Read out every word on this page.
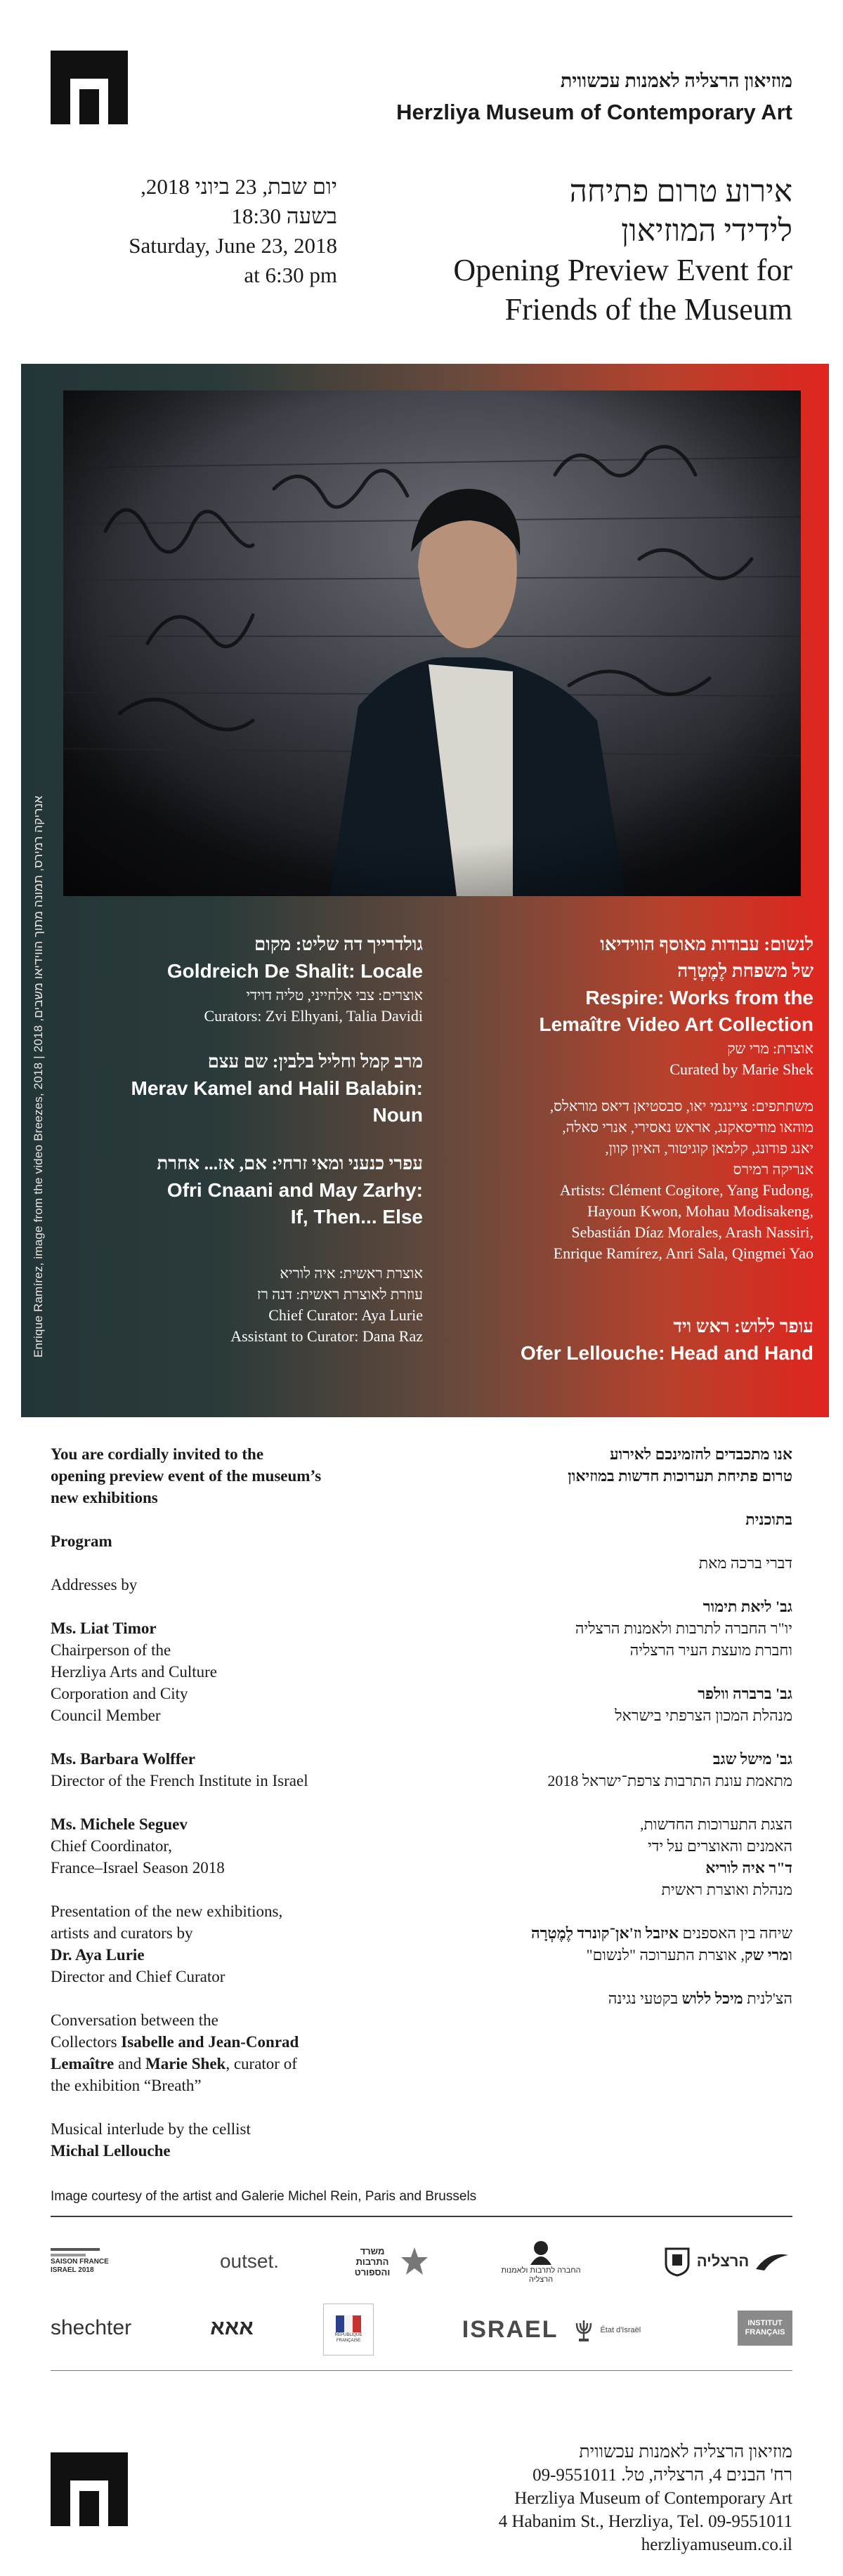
מוזיאון הרצליה לאמנות עכשווית
Herzliya Museum of Contemporary Art
יום שבת, 23 ביוני 2018,
בשעה 18:30
Saturday, June 23, 2018
at 6:30 pm
אירוע טרום פתיחה
לידידי המוזיאון
Opening Preview Event for
Friends of the Museum
Enrique Ramírez, image from the video Breezes, 2018 | אנריקה רמירס, תמונה מתוך הווידיאו משבים, 2018	גולדרייך דה שליט: מקום
Goldreich De Shalit: Locale
אוצרים: צבי אלחייני, טליה דוידי
Curators: Zvi Elhyani, Talia Davidi
מרב קמל וחליל בלבין: שם עצם
Merav Kamel and Halil Balabin:
Noun
עפרי כנעני ומאי זרחי: אם, אז... אחרת
Ofri Cnaani and May Zarhy:
If, Then... Else
אוצרת ראשית: איה לוריא
עוזרת לאוצרת ראשית: דנה רז
Chief Curator: Aya Lurie
Assistant to Curator: Dana Raz
לנשום: עבודות מאוסף הווידיאו
של משפחת לֶמֶטְרָה
Respire: Works from the
Lemaître Video Art Collection
אוצרת: מרי שק
Curated by Marie Shek
משתתפים: ציינגמי יאו, סבסטיאן דיאס מוראלס,
מוהאו מודיסאקנג, אראש נאסירי, אנרי סאלה,
יאנג פודונג, קלמאן קוגיטור, האיון קוון,
אנריקה רמירס
Artists: Clément Cogitore, Yang Fudong,
Hayoun Kwon, Mohau Modisakeng,
Sebastián Díaz Morales, Arash Nassiri,
Enrique Ramírez, Anri Sala, Qingmei Yao
עופר ללוש: ראש ויד
Ofer Lellouche: Head and Hand

You are cordially invited to the
opening preview event of the museum’s
new exhibitions

Program

Addresses by

Ms. Liat Timor
Chairperson of the
Herzliya Arts and Culture
Corporation and City
Council Member

Ms. Barbara Wolffer
Director of the French Institute in Israel

Ms. Michele Seguev
Chief Coordinator,
France–Israel Season 2018

Presentation of the new exhibitions,
artists and curators by
Dr. Aya Lurie
Director and Chief Curator

Conversation between the
Collectors Isabelle and Jean-Conrad
Lemaître and Marie Shek, curator of
the exhibition “Breath”

Musical interlude by the cellist
Michal Lellouche

אנו מתכבדים להזמינכם לאירוע
טרום פתיחת תערוכות חדשות במוזיאון

בתוכנית

דברי ברכה מאת

גב' ליאת תימור
יו"ר החברה לתרבות ולאמנות הרצליה
וחברת מועצת העיר הרצליה

גב' ברברה וולפר
מנהלת המכון הצרפתי בישראל

גב' מישל שגב
מתאמת עונת התרבות צרפת־ישראל 2018

הצגת התערוכות החדשות,
האמנים והאוצרים על ידי
ד"ר איה לוריא
מנהלת ואוצרת ראשית

שיחה בין האספנים איזבל וז'אן־קונרד לֶמֶטְרָה
ומרי שק, אוצרת התערוכה "לנשום"

הצ'לנית מיכל ללוש בקטעי נגינה

Image courtesy of the artist and Galerie Michel Rein, Paris and Brussels
SAISON FRANCE ISRAEL 2018	outset.	משרד התרבות והספורט	החברה לתרבות ולאמנות הרצליה
הרצליה
shechter	אאא	RÉPUBLIQUE FRANÇAISE	ISRAEL	État d'Israël
INSTITUT
FRANÇAIS
מוזיאון הרצליה לאמנות עכשווית
רח' הבנים 4, הרצליה, טל. 09-9551011
Herzliya Museum of Contemporary Art
4 Habanim St., Herzliya, Tel. 09-9551011
herzliyamuseum.co.il
